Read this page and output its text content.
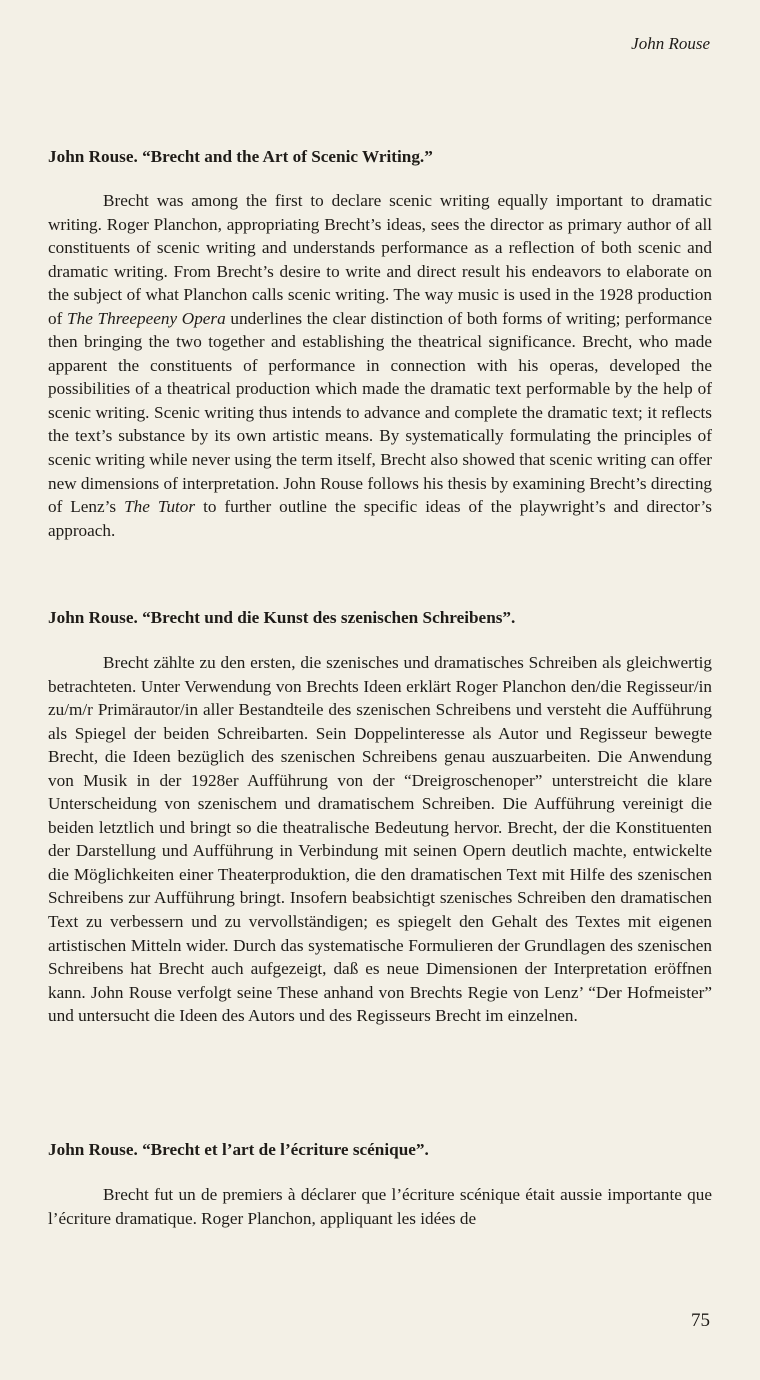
John Rouse
John Rouse. “Brecht and the Art of Scenic Writing.”

Brecht was among the first to declare scenic writing equally important to dramatic writing. Roger Planchon, appropriating Brecht’s ideas, sees the director as primary author of all constituents of scenic writing and understands performance as a reflection of both scenic and dramatic writing. From Brecht’s desire to write and direct result his endeavors to elaborate on the subject of what Planchon calls scenic writing. The way music is used in the 1928 production of The Threepeeny Opera underlines the clear distinction of both forms of writing; performance then bringing the two together and establishing the theatrical significance. Brecht, who made apparent the constituents of performance in connection with his operas, developed the possibilities of a theatrical production which made the dramatic text performable by the help of scenic writing. Scenic writing thus intends to advance and complete the dramatic text; it reflects the text’s substance by its own artistic means. By systematically formulating the principles of scenic writing while never using the term itself, Brecht also showed that scenic writing can offer new dimensions of interpretation. John Rouse follows his thesis by examining Brecht’s directing of Lenz’s The Tutor to further outline the specific ideas of the playwright’s and director’s approach.

John Rouse. “Brecht und die Kunst des szenischen Schreibens”.

Brecht zählte zu den ersten, die szenisches und dramatisches Schreiben als gleichwertig betrachteten. Unter Verwendung von Brechts Ideen erklärt Roger Planchon den/die Regisseur/in zu/m/r Primärautor/in aller Bestandteile des szenischen Schreibens und versteht die Aufführung als Spiegel der beiden Schreibarten. Sein Doppelinteresse als Autor und Regisseur bewegte Brecht, die Ideen bezüglich des szenischen Schreibens genau auszuarbeiten. Die Anwendung von Musik in der 1928er Aufführung von der “Dreigroschenoper” unterstreicht die klare Unterscheidung von szenischem und dramatischem Schreiben. Die Aufführung vereinigt die beiden letztlich und bringt so die theatralische Bedeutung hervor. Brecht, der die Konstituenten der Darstellung und Aufführung in Verbindung mit seinen Opern deutlich machte, entwickelte die Möglichkeiten einer Theaterproduktion, die den dramatischen Text mit Hilfe des szenischen Schreibens zur Aufführung bringt. Insofern beabsichtigt szenisches Schreiben den dramatischen Text zu verbessern und zu vervollständigen; es spiegelt den Gehalt des Textes mit eigenen artistischen Mitteln wider. Durch das systematische Formulieren der Grundlagen des szenischen Schreibens hat Brecht auch aufgezeigt, daß es neue Dimensionen der Interpretation eröffnen kann. John Rouse verfolgt seine These anhand von Brechts Regie von Lenz’ “Der Hofmeister” und untersucht die Ideen des Autors und des Regisseurs Brecht im einzelnen.

John Rouse. “Brecht et l’art de l’écriture scénique”.

Brecht fut un de premiers à déclarer que l’écriture scénique était aussie importante que l’écriture dramatique. Roger Planchon, appliquant les idées de

75
